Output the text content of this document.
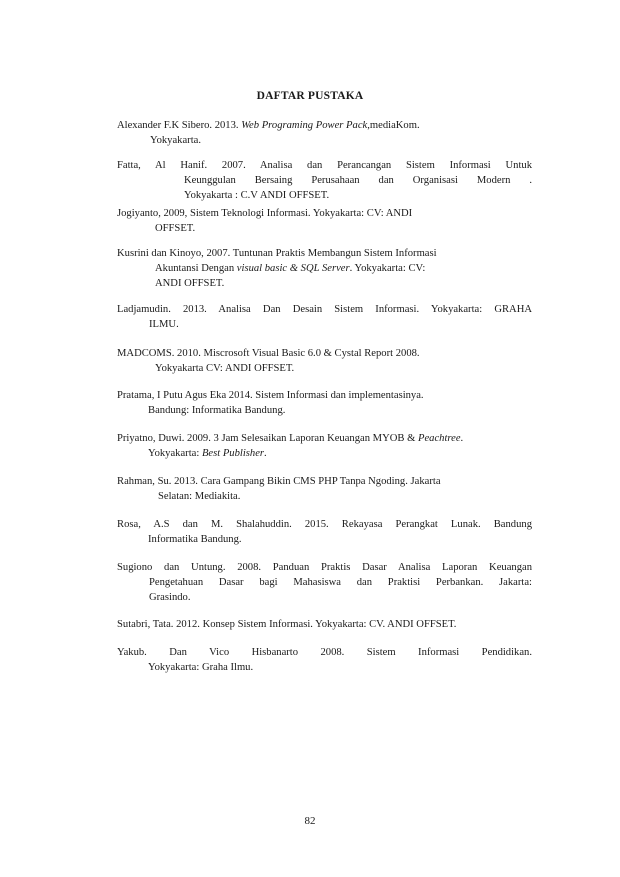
DAFTAR PUSTAKA
Alexander F.K Sibero. 2013. Web Programing Power Pack,mediaKom.
Yokyakarta.
Fatta, Al Hanif. 2007. Analisa dan Perancangan Sistem Informasi Untuk
Keunggulan Bersaing Perusahaan dan Organisasi Modern .
Yokyakarta : C.V ANDI OFFSET.
Jogiyanto, 2009, Sistem Teknologi Informasi. Yokyakarta: CV: ANDI
OFFSET.
Kusrini dan Kinoyo, 2007. Tuntunan Praktis Membangun Sistem Informasi
Akuntansi Dengan visual basic & SQL Server. Yokyakarta: CV:
ANDI OFFSET.
Ladjamudin. 2013. Analisa Dan Desain Sistem Informasi. Yokyakarta: GRAHA
ILMU.
MADCOMS. 2010. Miscrosoft Visual Basic 6.0 & Cystal Report 2008.
Yokyakarta CV: ANDI OFFSET.
Pratama, I Putu Agus Eka 2014. Sistem Informasi dan implementasinya.
Bandung: Informatika Bandung.
Priyatno, Duwi. 2009. 3 Jam Selesaikan Laporan Keuangan MYOB & Peachtree.
Yokyakarta: Best Publisher.
Rahman, Su. 2013. Cara Gampang Bikin CMS PHP Tanpa Ngoding. Jakarta
Selatan: Mediakita.
Rosa, A.S dan M. Shalahuddin. 2015. Rekayasa Perangkat Lunak. Bandung
Informatika Bandung.
Sugiono dan Untung. 2008. Panduan Praktis Dasar Analisa Laporan Keuangan
Pengetahuan Dasar bagi Mahasiswa dan Praktisi Perbankan. Jakarta:
Grasindo.
Sutabri, Tata. 2012. Konsep Sistem Informasi. Yokyakarta: CV. ANDI OFFSET.
Yakub. Dan Vico Hisbanarto 2008. Sistem Informasi Pendidikan.
Yokyakarta: Graha Ilmu.
82
